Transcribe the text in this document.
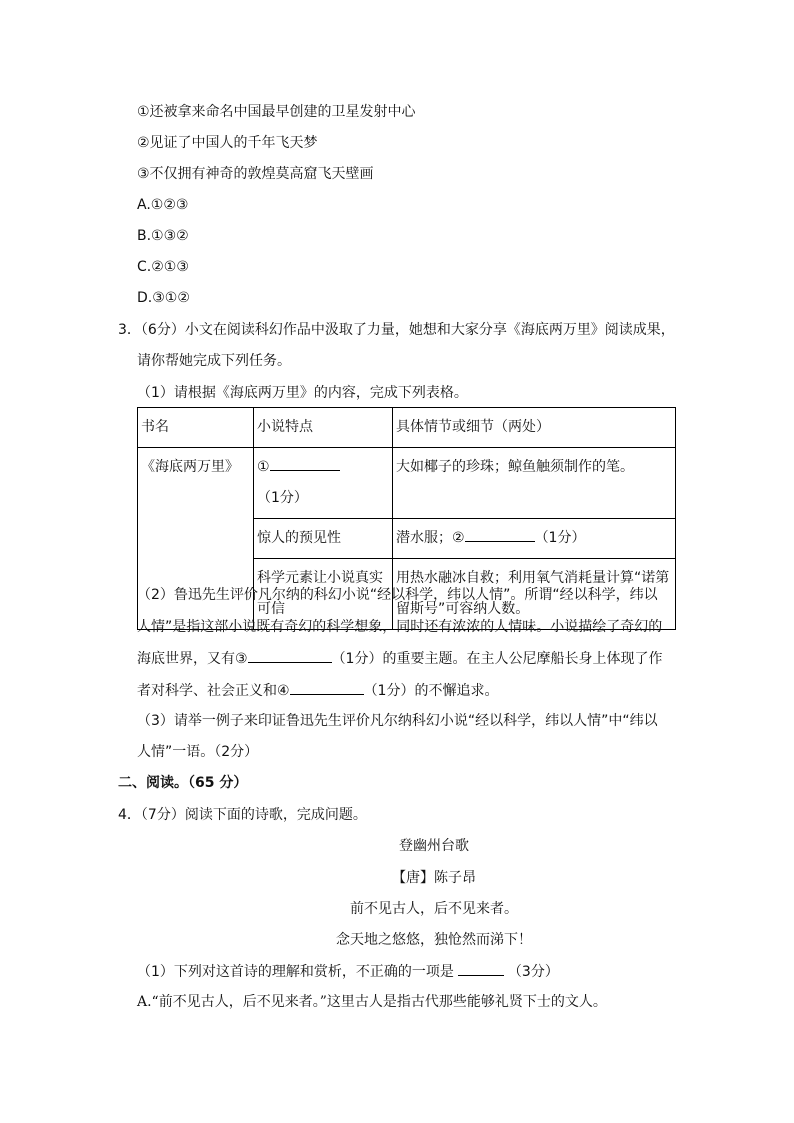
①还被拿来命名中国最早创建的卫星发射中心
②见证了中国人的千年飞天梦
③不仅拥有神奇的敦煌莫高窟飞天壁画
A.①②③
B.①③②
C.②①③
D.③①②
3．（6分）小文在阅读科幻作品中汲取了力量，她想和大家分享《海底两万里》阅读成果，
请你帮她完成下列任务。
（1）请根据《海底两万里》的内容，完成下列表格。
书名	小说特点	具体情节或细节（两处）
《海底两万里》	①（1分）	大如椰子的珍珠；鲸鱼触须制作的笔。
	惊人的预见性	潜水服；② （1分）
	科学元素让小说真实可信	用热水融冰自救；利用氧气消耗量计算“诺第留斯号”可容纳人数。
（2）鲁迅先生评价凡尔纳的科幻小说“经以科学，纬以人情”。所谓“经以科学，纬以
人情”是指这部小说既有奇幻的科学想象，同时还有浓浓的人情味。小说描绘了奇幻的
海底世界，又有③	（1分）的重要主题。在主人公尼摩船长身上体现了作
者对科学、社会正义和④	（1分）的不懈追求。
（3）请举一例子来印证鲁迅先生评价凡尔纳科幻小说“经以科学，纬以人情”中“纬以
人情”一语。（2分）
二、阅读。（65 分）
4．（7分）阅读下面的诗歌，完成问题。
登幽州台歌
【唐】陈子昂
前不见古人，后不见来者。
念天地之悠悠，独怆然而涕下！
（1）下列对这首诗的理解和赏析，不正确的一项是	（3分）
A.“前不见古人，后不见来者。”这里古人是指古代那些能够礼贤下士的文人。
